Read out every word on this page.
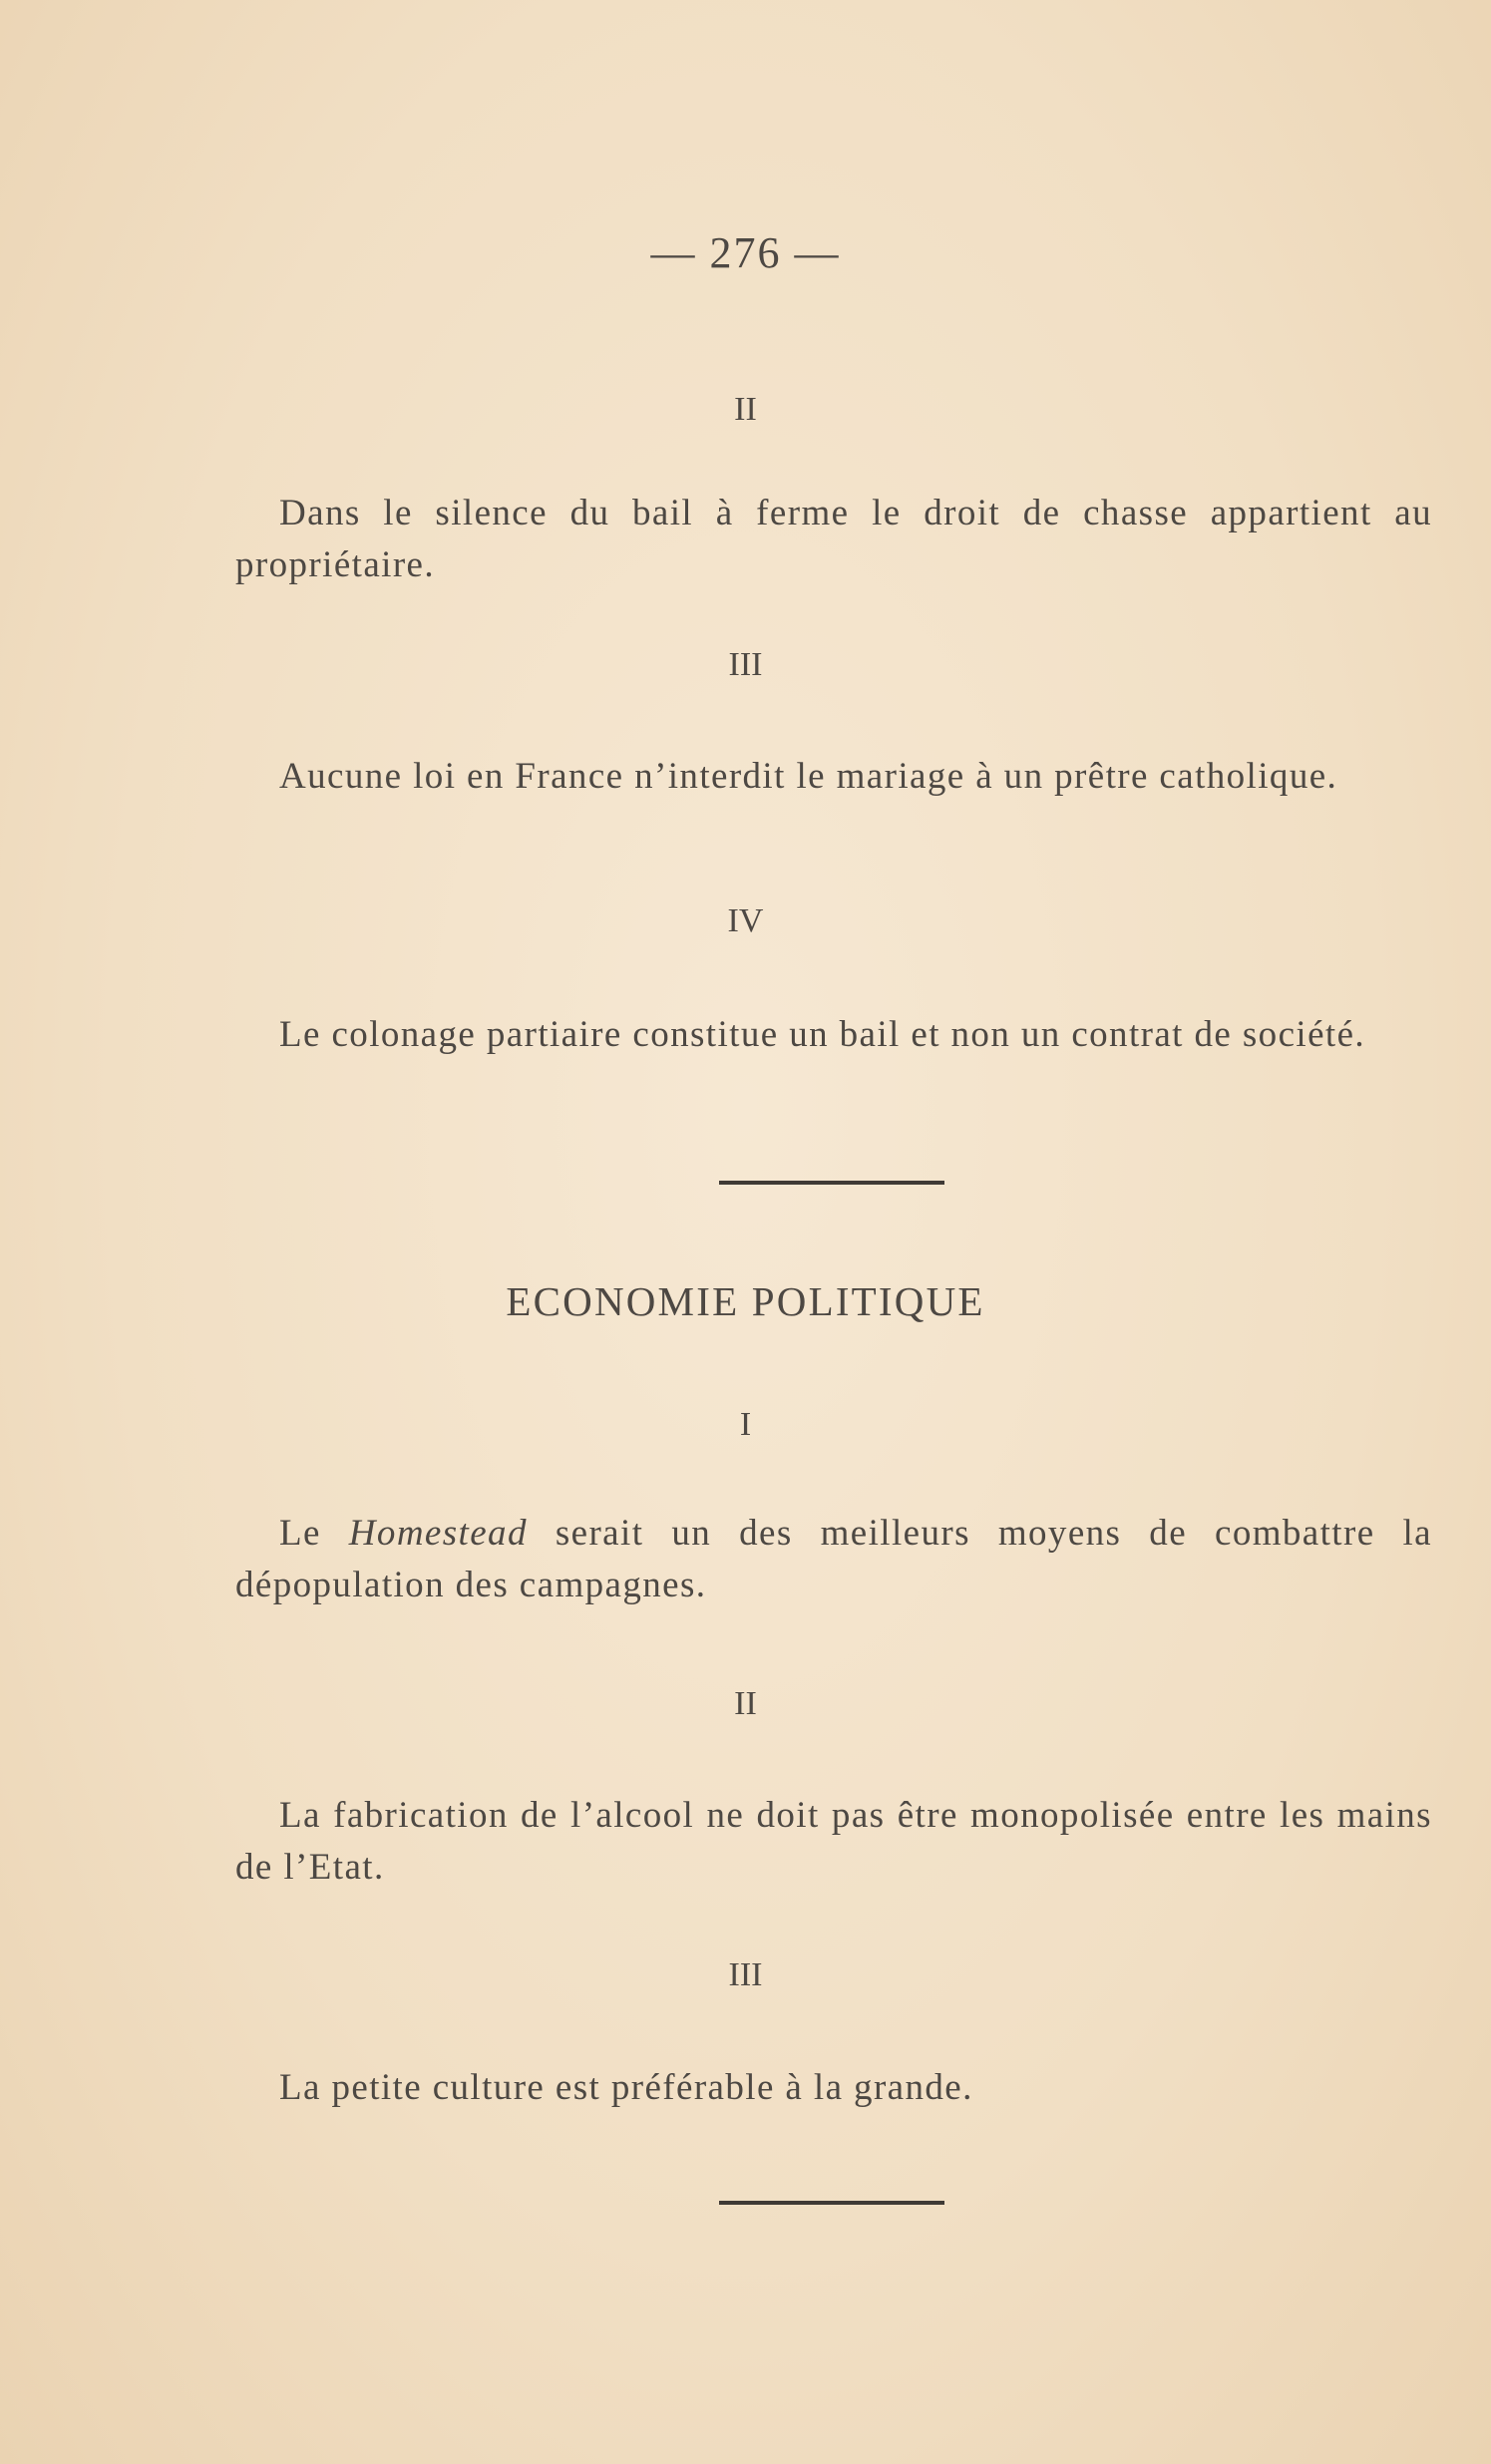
— 276 —
II

Dans le silence du bail à ferme le droit de chasse appartient au propriétaire.

III

Aucune loi en France n’interdit le mariage à un prêtre catholique.

IV

Le colonage partiaire constitue un bail et non un contrat de société.

ECONOMIE POLITIQUE
I

Le Homestead serait un des meilleurs moyens de combattre la dépopulation des campagnes.

II

La fabrication de l’alcool ne doit pas être monopolisée entre les mains de l’Etat.

III

La petite culture est préférable à la grande.
